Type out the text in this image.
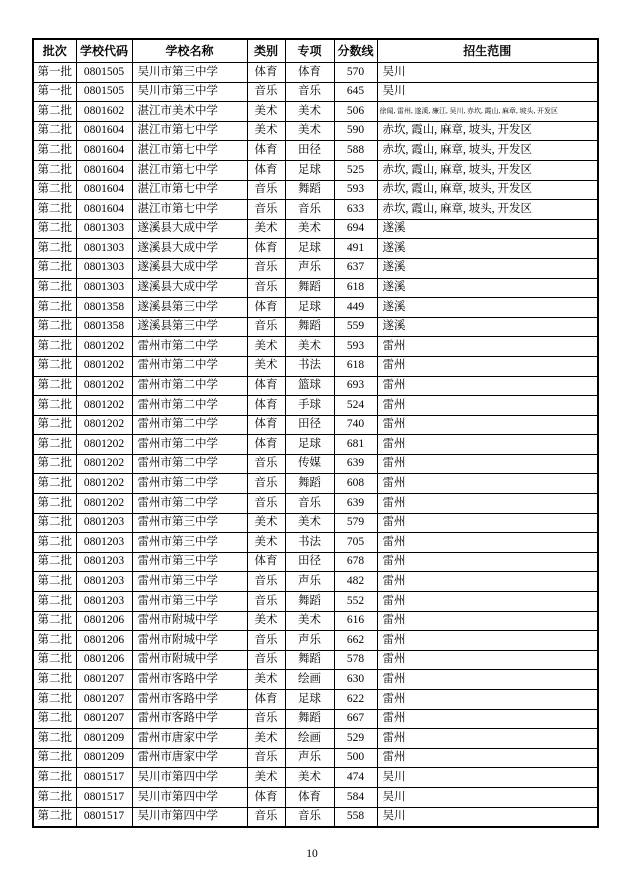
批次	学校代码	学校名称	类别	专项	分数线	招生范围
第一批	0801505	吴川市第三中学	体育	体育	570	吴川
第一批	0801505	吴川市第三中学	音乐	音乐	645	吴川
第二批	0801602	湛江市美术中学	美术	美术	506	徐闻, 雷州, 遂溪, 廉江, 吴川, 赤坎, 霞山, 麻章, 坡头, 开发区
第二批	0801604	湛江市第七中学	美术	美术	590	赤坎, 霞山, 麻章, 坡头, 开发区
第二批	0801604	湛江市第七中学	体育	田径	588	赤坎, 霞山, 麻章, 坡头, 开发区
第二批	0801604	湛江市第七中学	体育	足球	525	赤坎, 霞山, 麻章, 坡头, 开发区
第二批	0801604	湛江市第七中学	音乐	舞蹈	593	赤坎, 霞山, 麻章, 坡头, 开发区
第二批	0801604	湛江市第七中学	音乐	音乐	633	赤坎, 霞山, 麻章, 坡头, 开发区
第二批	0801303	遂溪县大成中学	美术	美术	694	遂溪
第二批	0801303	遂溪县大成中学	体育	足球	491	遂溪
第二批	0801303	遂溪县大成中学	音乐	声乐	637	遂溪
第二批	0801303	遂溪县大成中学	音乐	舞蹈	618	遂溪
第二批	0801358	遂溪县第三中学	体育	足球	449	遂溪
第二批	0801358	遂溪县第三中学	音乐	舞蹈	559	遂溪
第二批	0801202	雷州市第二中学	美术	美术	593	雷州
第二批	0801202	雷州市第二中学	美术	书法	618	雷州
第二批	0801202	雷州市第二中学	体育	篮球	693	雷州
第二批	0801202	雷州市第二中学	体育	手球	524	雷州
第二批	0801202	雷州市第二中学	体育	田径	740	雷州
第二批	0801202	雷州市第二中学	体育	足球	681	雷州
第二批	0801202	雷州市第二中学	音乐	传媒	639	雷州
第二批	0801202	雷州市第二中学	音乐	舞蹈	608	雷州
第二批	0801202	雷州市第二中学	音乐	音乐	639	雷州
第二批	0801203	雷州市第三中学	美术	美术	579	雷州
第二批	0801203	雷州市第三中学	美术	书法	705	雷州
第二批	0801203	雷州市第三中学	体育	田径	678	雷州
第二批	0801203	雷州市第三中学	音乐	声乐	482	雷州
第二批	0801203	雷州市第三中学	音乐	舞蹈	552	雷州
第二批	0801206	雷州市附城中学	美术	美术	616	雷州
第二批	0801206	雷州市附城中学	音乐	声乐	662	雷州
第二批	0801206	雷州市附城中学	音乐	舞蹈	578	雷州
第二批	0801207	雷州市客路中学	美术	绘画	630	雷州
第二批	0801207	雷州市客路中学	体育	足球	622	雷州
第二批	0801207	雷州市客路中学	音乐	舞蹈	667	雷州
第二批	0801209	雷州市唐家中学	美术	绘画	529	雷州
第二批	0801209	雷州市唐家中学	音乐	声乐	500	雷州
第二批	0801517	吴川市第四中学	美术	美术	474	吴川
第二批	0801517	吴川市第四中学	体育	体育	584	吴川
第二批	0801517	吴川市第四中学	音乐	音乐	558	吴川
10
